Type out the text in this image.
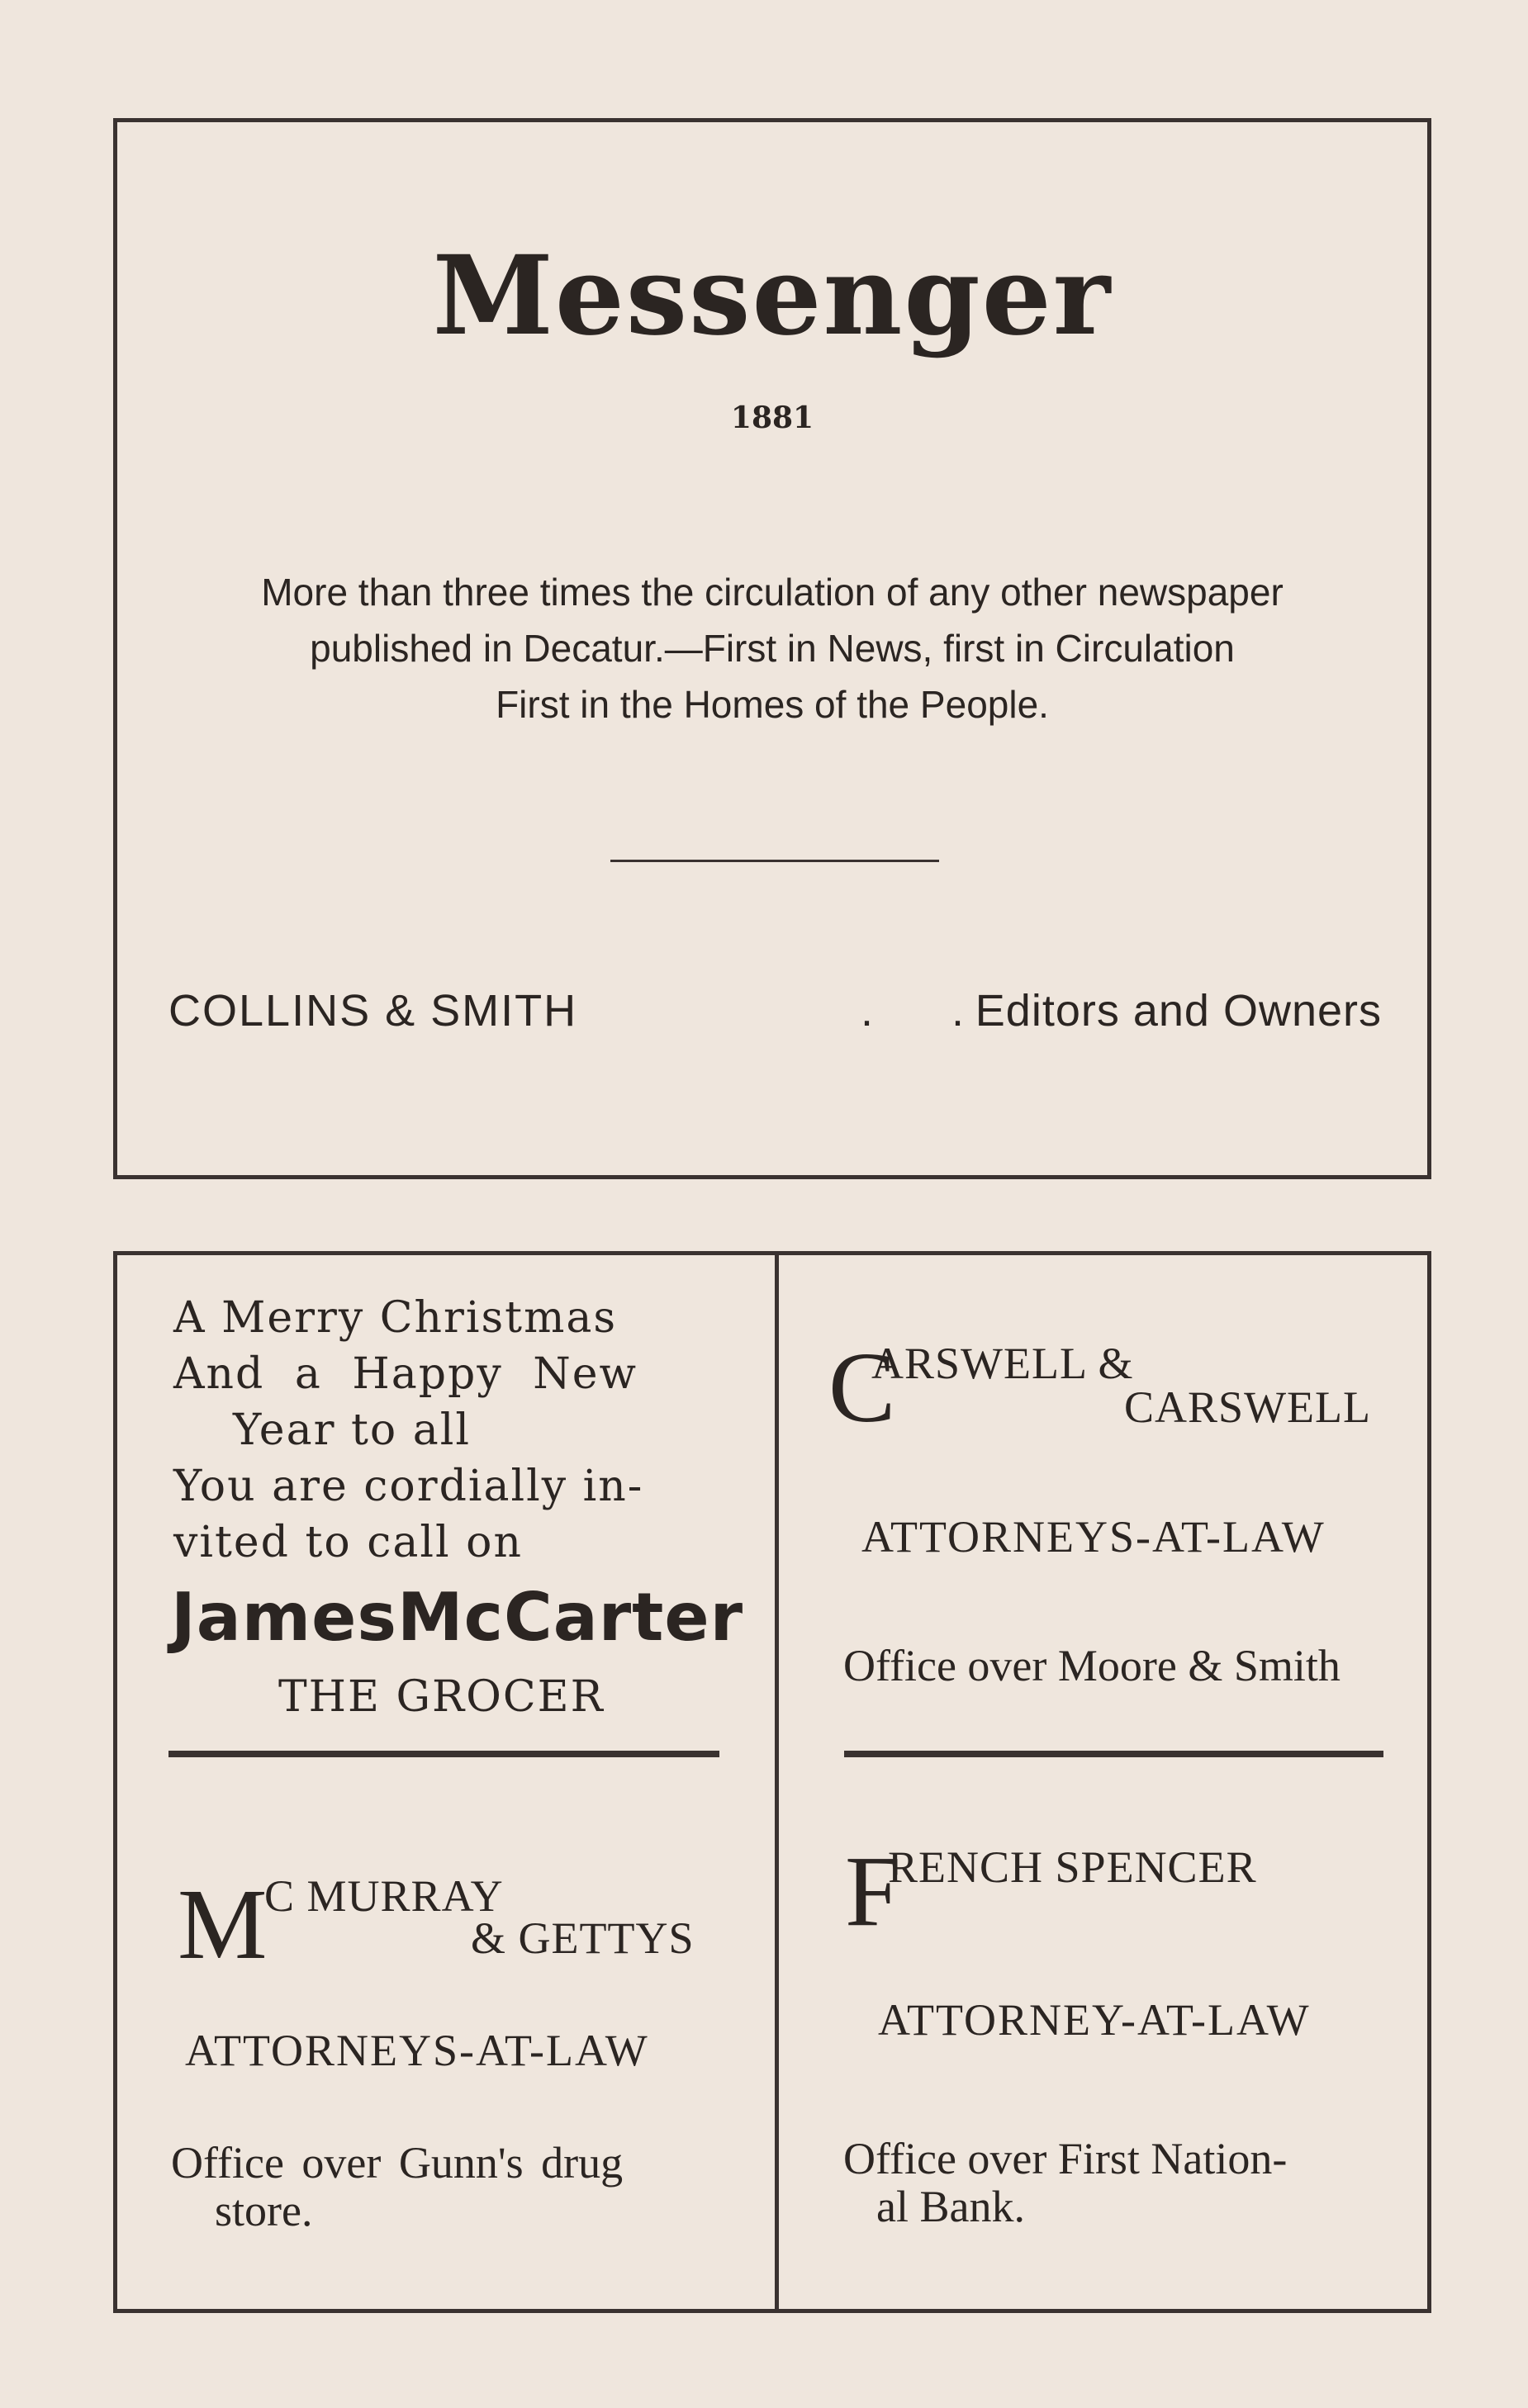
Messenger
1881
More than three times the circulation of any other newspaper
published in Decatur.—First in News, first in Circulation
First in the Homes of the People.
COLLINS & SMITH	. .
Editors and Owners
A Merry Christmas
And a Happy New
Year to all
You are cordially in-
vited to call on
James McCarter
THE GROCER
C
ARSWELL &
CARSWELL
ATTORNEYS-AT-LAW
Office over Moore & Smith
M
C MURRAY
& GETTYS
ATTORNEYS-AT-LAW
Office over Gunn's drug
store.
F
RENCH SPENCER
ATTORNEY-AT-LAW
Office over First Nation-
al Bank.
